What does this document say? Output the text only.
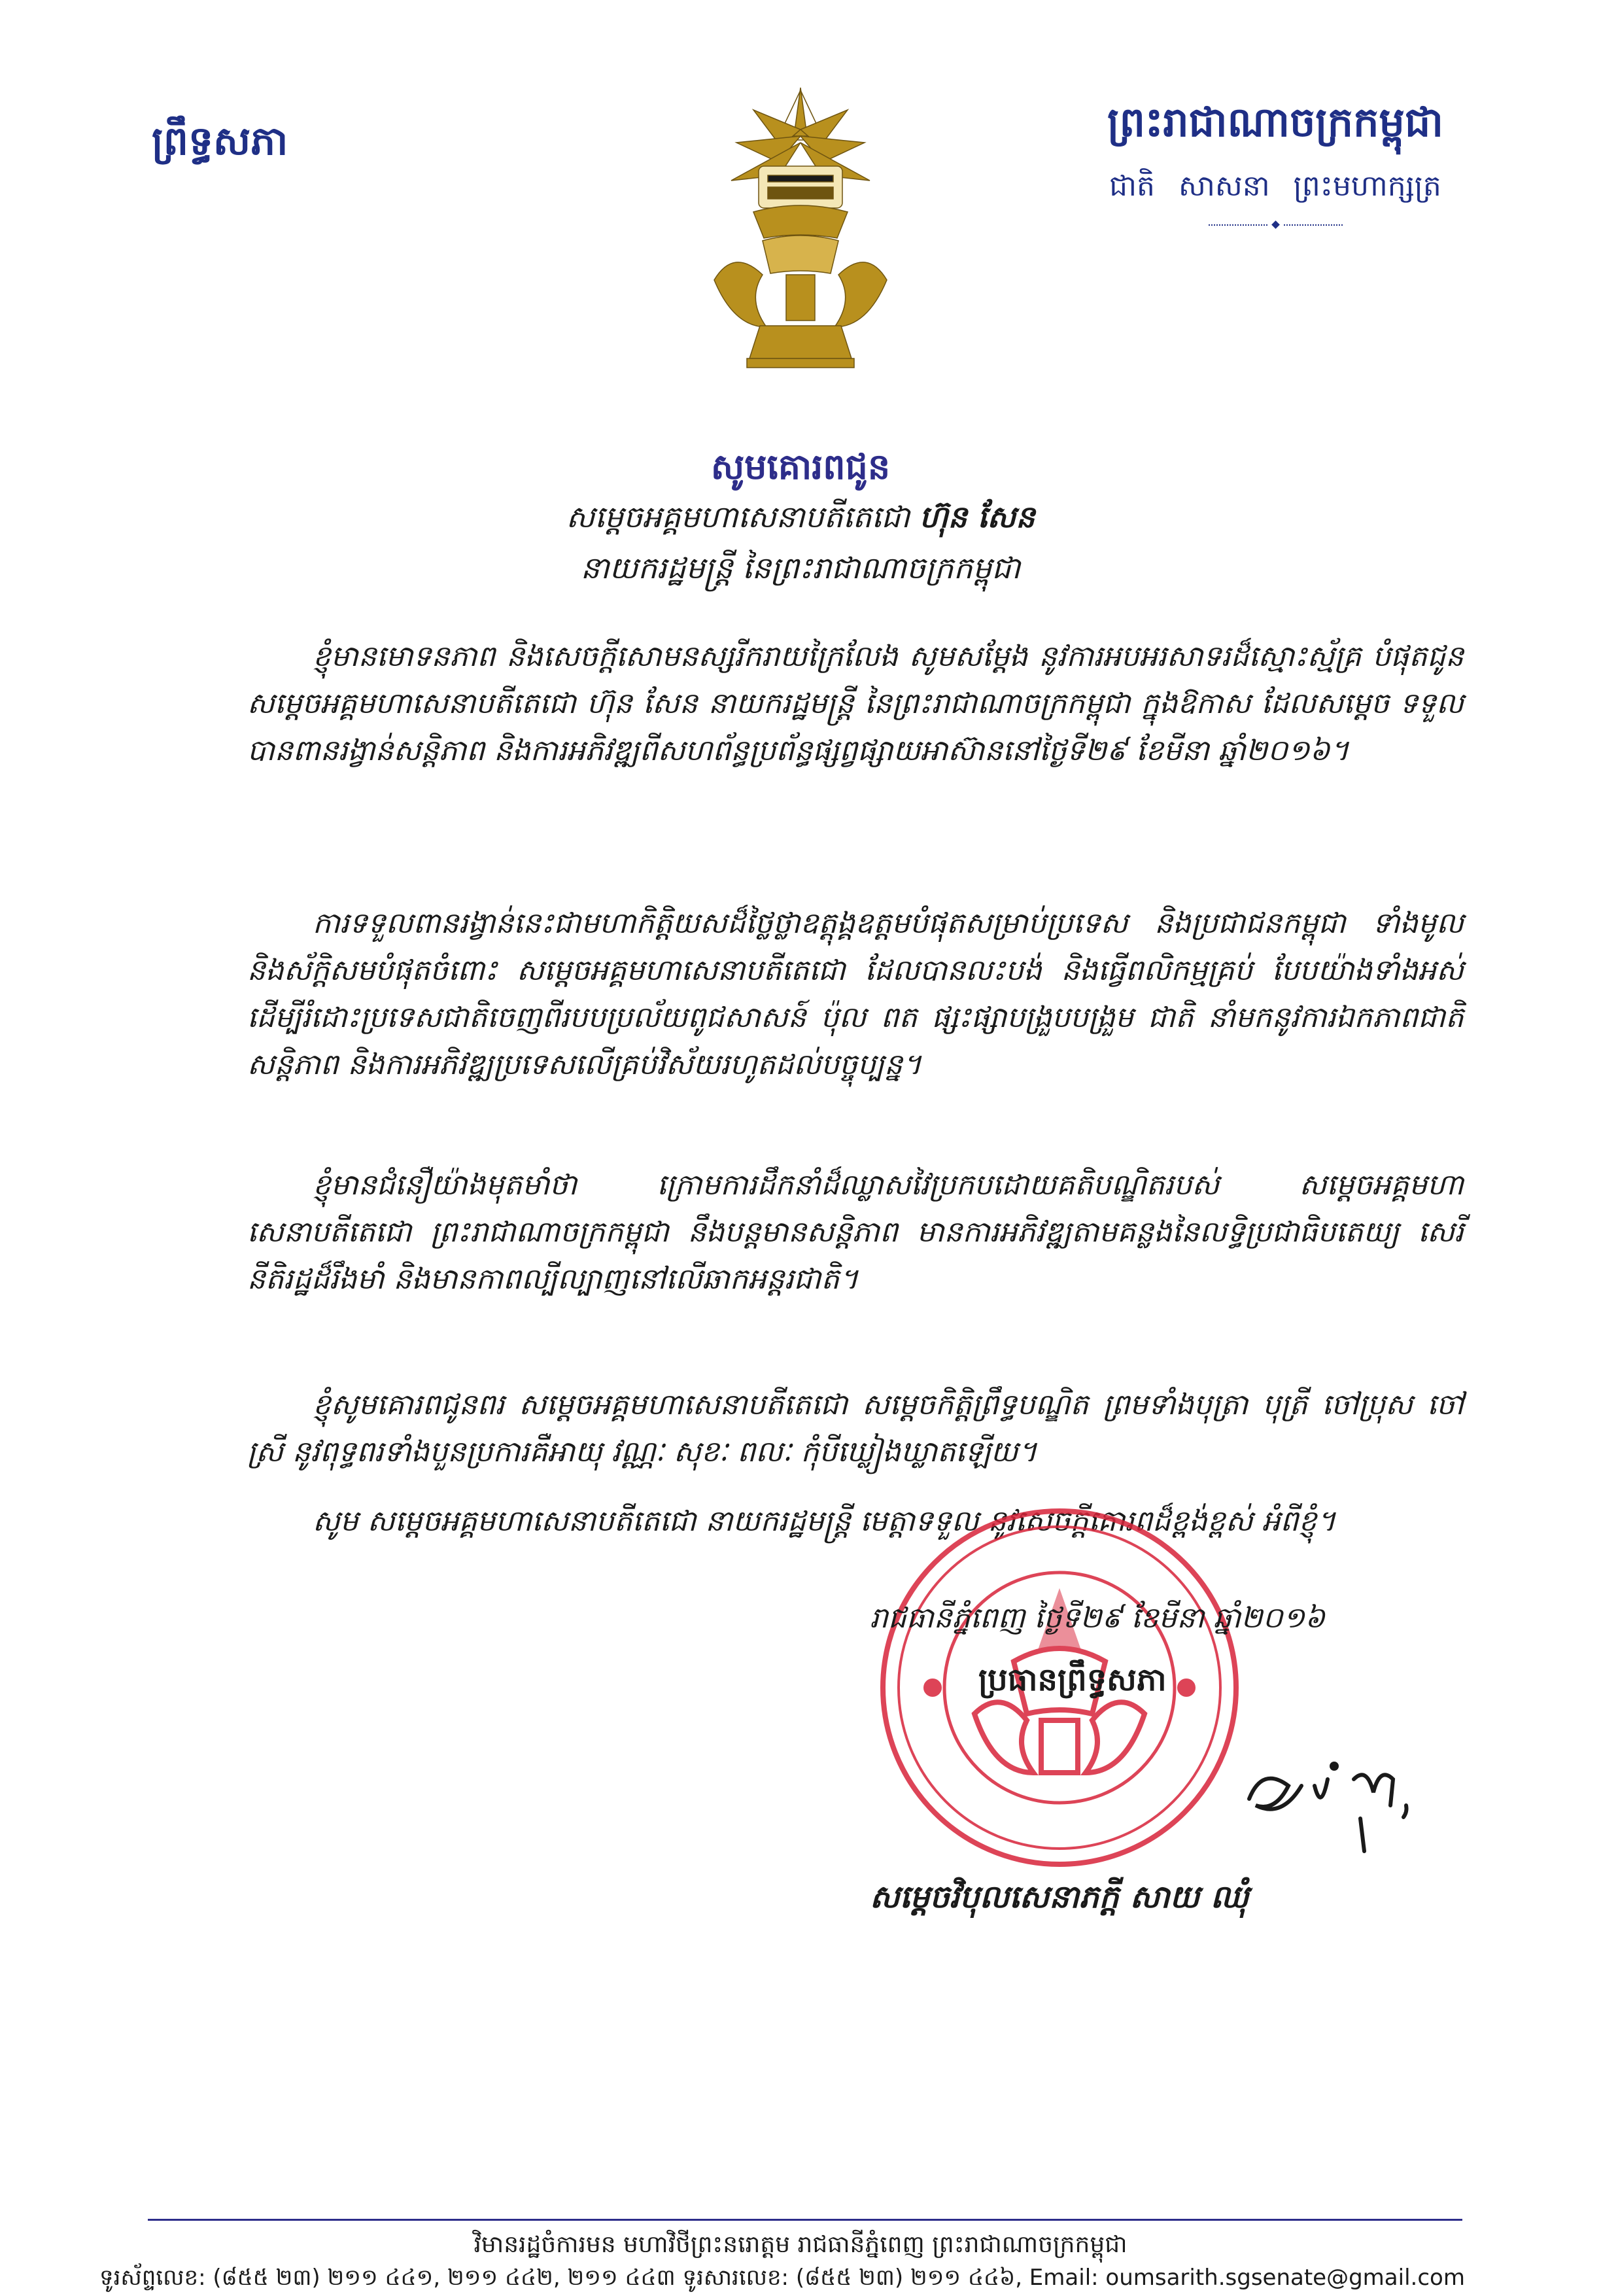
ព្រឹទ្ធសភា	ព្រះរាជាណាចក្រកម្ពុជា
ជាតិ សាសនា ព្រះមហាក្សត្រ
សូមគោរពជូន
សម្តេចអគ្គមហាសេនាបតីតេជោ ហ៊ុន សែន
នាយករដ្ឋមន្ត្រី នៃព្រះរាជាណាចក្រកម្ពុជា
ខ្ញុំមានមោទនភាព និងសេចក្តីសោមនស្សរីករាយក្រៃលែង សូមសម្តែង នូវការអបអរសាទរដ៏ស្មោះស្ម័គ្រ បំផុតជូន សម្តេចអគ្គមហាសេនាបតីតេជោ ហ៊ុន សែន នាយករដ្ឋមន្ត្រី នៃព្រះរាជាណាចក្រកម្ពុជា ក្នុងឱកាស ដែលសម្តេច ទទួលបានពានរង្វាន់សន្តិភាព និងការអភិវឌ្ឍពីសហព័ន្ធប្រព័ន្ធផ្សព្វផ្សាយអាស៊ាននៅថ្ងៃទី២៩ ខែមីនា ឆ្នាំ២០១៦។
ការទទួលពានរង្វាន់នេះជាមហាកិត្តិយសដ៏ថ្លៃថ្លាឧត្តុង្គឧត្តមបំផុតសម្រាប់ប្រទេស និងប្រជាជនកម្ពុជា ទាំងមូល និងស័ក្តិសមបំផុតចំពោះ សម្តេចអគ្គមហាសេនាបតីតេជោ ដែលបានលះបង់ និងធ្វើពលិកម្មគ្រប់ បែបយ៉ាងទាំងអស់ ដើម្បីរំដោះប្រទេសជាតិចេញពីរបបប្រល័យពូជសាសន៍ ប៉ុល ពត ផ្សះផ្សាបង្រួបបង្រួម ជាតិ នាំមកនូវការឯកភាពជាតិ សន្តិភាព និងការអភិវឌ្ឍប្រទេសលើគ្រប់វិស័យរហូតដល់បច្ចុប្បន្ន។
ខ្ញុំមានជំនឿយ៉ាងមុតមាំថា ក្រោមការដឹកនាំដ៏ឈ្លាសវៃប្រកបដោយគតិបណ្ឌិតរបស់ សម្តេចអគ្គមហា សេនាបតីតេជោ ព្រះរាជាណាចក្រកម្ពុជា នឹងបន្តមានសន្តិភាព មានការអភិវឌ្ឍតាមគន្លងនៃលទ្ធិប្រជាធិបតេយ្យ សេរី នីតិរដ្ឋដ៏រឹងមាំ និងមានកាពល្បីល្បាញនៅលើឆាកអន្តរជាតិ។
ខ្ញុំសូមគោរពជូនពរ សម្តេចអគ្គមហាសេនាបតីតេជោ សម្តេចកិត្តិព្រឹទ្ធបណ្ឌិត ព្រមទាំងបុត្រា បុត្រី ចៅប្រុស ចៅស្រី នូវពុទ្ធពរទាំងបួនប្រការគឺអាយុ វណ្ណៈ សុខៈ ពលៈ កុំបីឃ្លៀងឃ្លាតឡើយ។
សូម សម្តេចអគ្គមហាសេនាបតីតេជោ នាយករដ្ឋមន្ត្រី មេត្តាទទួល នូវសេចក្តីគោរពដ៏ខ្ពង់ខ្ពស់ អំពីខ្ញុំ។
រាជធានីភ្នំពេញ ថ្ងៃទី២៩ ខែមីនា ឆ្នាំ២០១៦
ប្រធានព្រឹទ្ធសភា
សម្តេចវិបុលសេនាភក្តី សាយ ឈុំ
វិមានរដ្ឋចំការមន មហាវិថីព្រះនរោត្តម រាជធានីភ្នំពេញ ព្រះរាជាណាចក្រកម្ពុជា
ទូរស័ព្ទលេខ: (៨៥៥ ២៣) ២១១ ៤៤១, ២១១ ៤៤២, ២១១ ៤៤៣ ទូរសារលេខ: (៨៥៥ ២៣) ២១១ ៤៤៦, Email: oumsarith.sgsenate@gmail.com
